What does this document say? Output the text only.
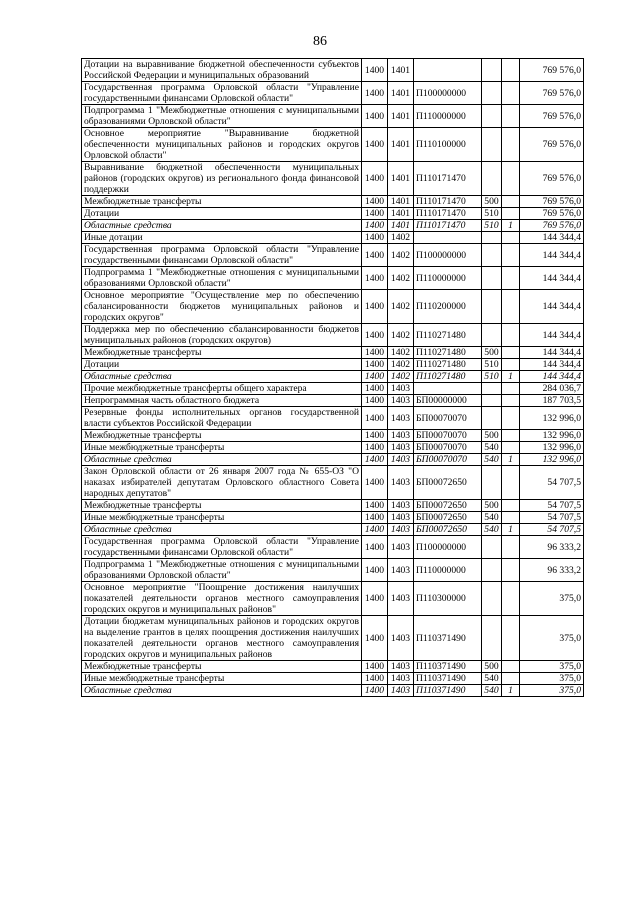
86
Дотации на выравнивание бюджетной обеспеченности субъектов Российской Федерации и муниципальных образований	1400	1401				769 576,0
Государственная программа Орловской области "Управление государственными финансами Орловской области"	1400	1401	П100000000			769 576,0
Подпрограмма 1 "Межбюджетные отношения с муниципальными образованиями Орловской области"	1400	1401	П110000000			769 576,0
Основное мероприятие "Выравнивание бюджетной обеспеченности муниципальных районов и городских округов Орловской области"	1400	1401	П110100000			769 576,0
Выравнивание бюджетной обеспеченности муниципальных районов (городских округов) из регионального фонда финансовой поддержки	1400	1401	П110171470			769 576,0
Межбюджетные трансферты	1400	1401	П110171470	500		769 576,0
Дотации	1400	1401	П110171470	510		769 576,0
Областные средства	1400	1401	П110171470	510	1	769 576,0
Иные дотации	1400	1402				144 344,4
Государственная программа Орловской области "Управление государственными финансами Орловской области"	1400	1402	П100000000			144 344,4
Подпрограмма 1 "Межбюджетные отношения с муниципальными образованиями Орловской области"	1400	1402	П110000000			144 344,4
Основное мероприятие "Осуществление мер по обеспечению сбалансированности бюджетов муниципальных районов и городских округов"	1400	1402	П110200000			144 344,4
Поддержка мер по обеспечению сбалансированности бюджетов муниципальных районов (городских округов)	1400	1402	П110271480			144 344,4
Межбюджетные трансферты	1400	1402	П110271480	500		144 344,4
Дотации	1400	1402	П110271480	510		144 344,4
Областные средства	1400	1402	П110271480	510	1	144 344,4
Прочие межбюджетные трансферты общего характера	1400	1403				284 036,7
Непрограммная часть областного бюджета	1400	1403	БП00000000			187 703,5
Резервные фонды исполнительных органов государственной власти субъектов Российской Федерации	1400	1403	БП00070070			132 996,0
Межбюджетные трансферты	1400	1403	БП00070070	500		132 996,0
Иные межбюджетные трансферты	1400	1403	БП00070070	540		132 996,0
Областные средства	1400	1403	БП00070070	540	1	132 996,0
Закон Орловской области от 26 января 2007 года № 655-ОЗ "О наказах избирателей депутатам Орловского областного Совета народных депутатов"	1400	1403	БП00072650			54 707,5
Межбюджетные трансферты	1400	1403	БП00072650	500		54 707,5
Иные межбюджетные трансферты	1400	1403	БП00072650	540		54 707,5
Областные средства	1400	1403	БП00072650	540	1	54 707,5
Государственная программа Орловской области "Управление государственными финансами Орловской области"	1400	1403	П100000000			96 333,2
Подпрограмма 1 "Межбюджетные отношения с муниципальными образованиями Орловской области"	1400	1403	П110000000			96 333,2
Основное мероприятие "Поощрение достижения наилучших показателей деятельности органов местного самоуправления городских округов и муниципальных районов"	1400	1403	П110300000			375,0
Дотации бюджетам муниципальных районов и городских округов на выделение грантов в целях поощрения достижения наилучших показателей деятельности органов местного самоуправления городских округов и муниципальных районов	1400	1403	П110371490			375,0
Межбюджетные трансферты	1400	1403	П110371490	500		375,0
Иные межбюджетные трансферты	1400	1403	П110371490	540		375,0
Областные средства	1400	1403	П110371490	540	1	375,0
